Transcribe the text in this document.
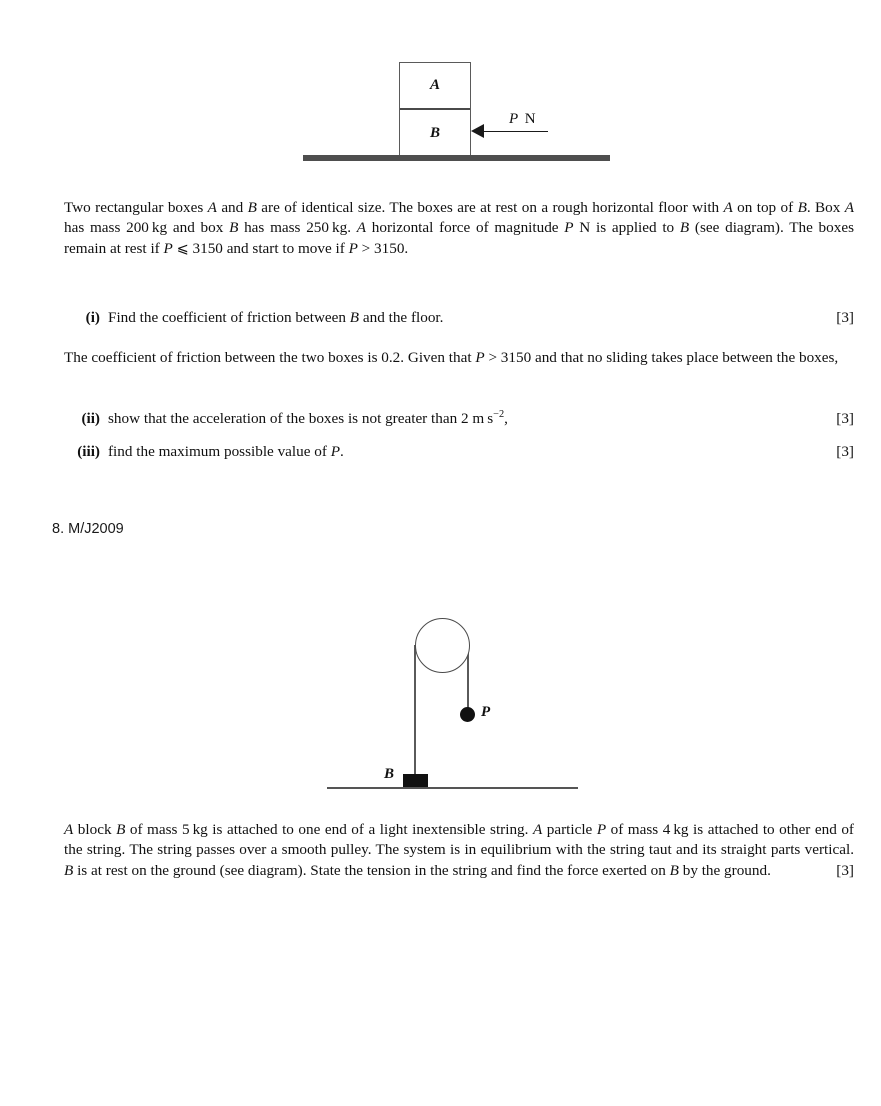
A
B
P  N
Two rectangular boxes A and B are of identical size. The boxes are at rest on a rough horizontal floor with A on top of B. Box A has mass 200 kg and box B has mass 250 kg. A horizontal force of magnitude P N is applied to B (see diagram). The boxes remain at rest if P ⩽ 3150 and start to move if P > 3150.
(i) Find the coefficient of friction between B and the floor.	[3]
The coefficient of friction between the two boxes is 0.2. Given that P > 3150 and that no sliding takes place between the boxes,
(ii) show that the acceleration of the boxes is not greater than 2 m $s^{-2}$,	[3]
(iii) find the maximum possible value of P.	[3]
8. M/J2009
P
B
A block B of mass 5 kg is attached to one end of a light inextensible string. A particle P of mass 4 kg is attached to other end of the string. The string passes over a smooth pulley. The system is in equilibrium with the string taut and its straight parts vertical. B is at rest on the ground (see diagram). State the tension in the string and find the force exerted on B by the ground.	[3]
